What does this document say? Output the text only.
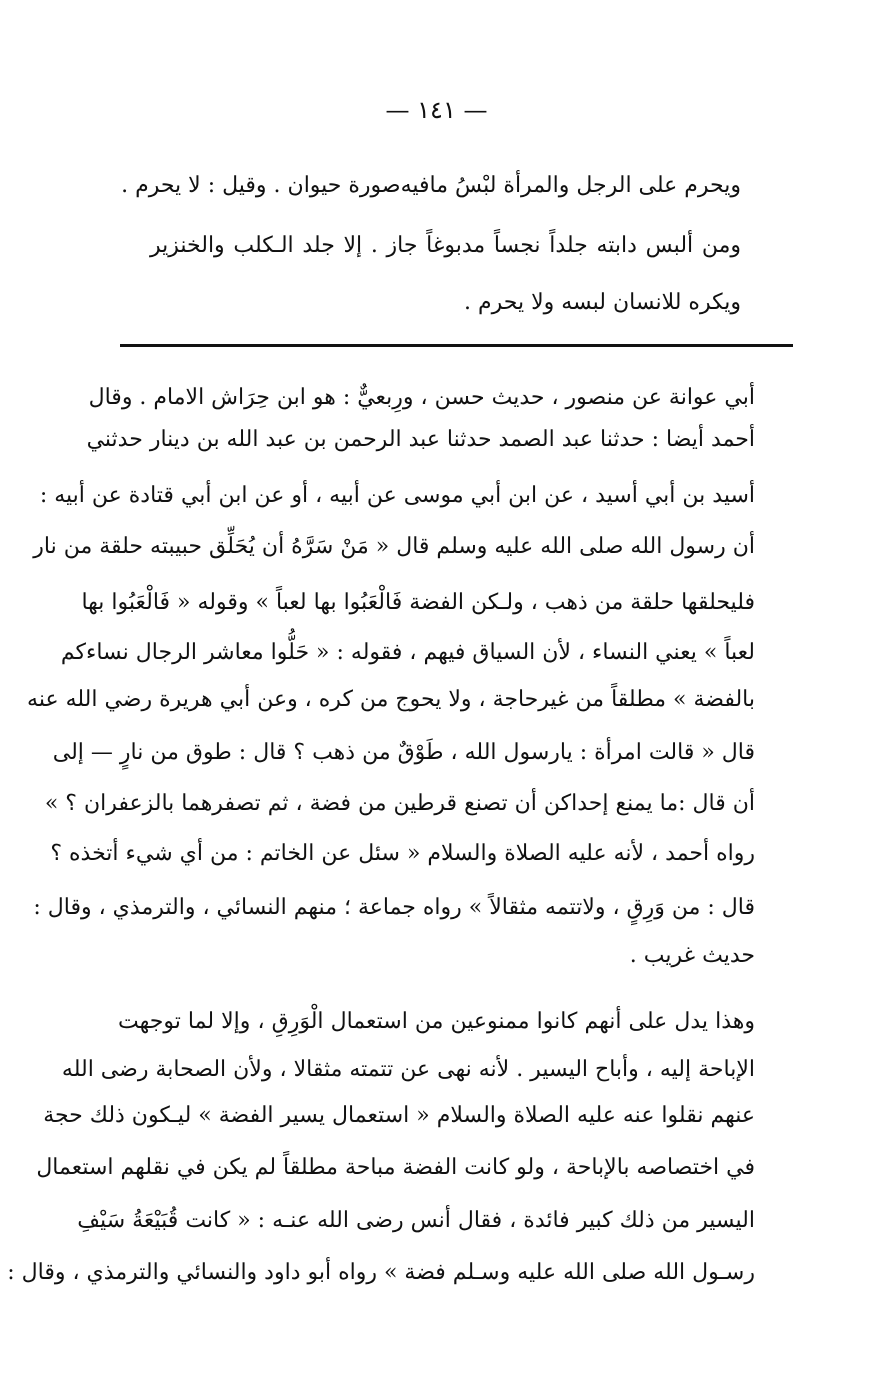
— ١٤١ —
ويحرم على الرجل والمرأة لبْسُ مافيه‌صورة حيوان . وقيل : لا يحرم .
ومن ألبس دابته جلداً نجساً مدبوغاً جاز . إلا جلد الـكلب والخنزير
ويكره للانسان لبسه ولا يحرم .
أبي عوانة عن منصور ، حديث حسن ، ورِبعيٌّ : هو ابن حِرَاش الامام . وقال
أحمد أيضا : حدثنا عبد الصمد حدثنا عبد الرحمن بن عبد الله بن دينار حدثني
أسيد بن أبي أسيد ، عن ابن أبي موسى عن أبيه ، أو عن ابن أبي قتادة عن أبيه :
أن رسول الله صلى الله عليه وسلم قال « مَنْ سَرَّهُ أن يُحَلِّق حبيبته حلقة من نار
فليحلقها حلقة من ذهب ، ولـكن الفضة فَالْعَبُوا بها لعباً » وقوله « فَالْعَبُوا بها
لعباً » يعني النساء ، لأن السياق فيهم ، فقوله : « حَلُّوا معاشر الرجال نساءكم
بالفضة » مطلقاً من غيرحاجة ، ولا يحوج من كره ، وعن أبي هريرة رضي الله عنه
قال « قالت امرأة : يارسول الله ، طَوْقٌ من ذهب ؟ قال : طوق من نارٍ — إلى
أن قال :ما يمنع إحداكن أن تصنع قرطين من فضة ، ثم تصفرهما بالزعفران ؟ »
رواه أحمد ، لأنه عليه الصلاة والسلام « سئل عن الخاتم : من أي شيء أتخذه ؟
قال : من وَرِقٍ ، ولاتتمه مثقالاً » رواه جماعة ؛ منهم النسائي ، والترمذي ، وقال :
حديث غريب .
وهذا يدل على أنهم كانوا ممنوعين من استعمال الْوَرِقِ ، وإلا لما توجهت
الإباحة إليه ، وأباح اليسير . لأنه نهى عن تتمته مثقالا ، ولأن الصحابة رضى الله
عنهم نقلوا عنه عليه الصلاة والسلام « استعمال يسير الفضة » ليـكون ذلك حجة
في اختصاصه بالإباحة ، ولو كانت الفضة مباحة مطلقاً لم يكن في نقلهم استعمال
اليسير من ذلك كبير فائدة ، فقال أنس رضى الله عنـه : « كانت قُبَيْعَةُ سَيْفِ
رسـول الله صلى الله عليه وسـلم فضة » رواه أبو داود والنسائي والترمذي ، وقال :
